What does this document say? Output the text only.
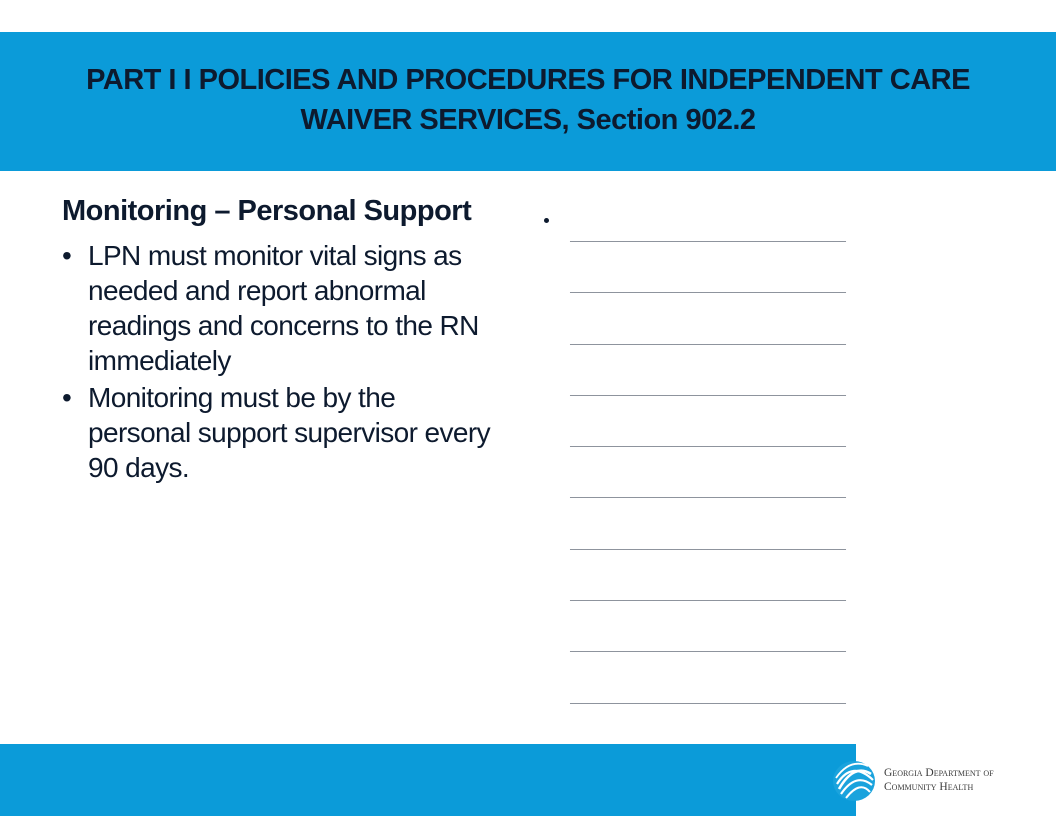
PART I I POLICIES AND PROCEDURES FOR INDEPENDENT CARE WAIVER SERVICES, Section 902.2
Monitoring – Personal Support
• LPN must monitor vital signs as needed and report abnormal readings and concerns to the RN immediately
• Monitoring must be by the personal support supervisor every 90 days.
______________________________________________
______________________________________________
______________________________________________
______________________________________________
______________________________________________
______________________________________________
______________________________________________
______________________________________________
______________________________________________
______________________________________________
Georgia Department of
Community Health
